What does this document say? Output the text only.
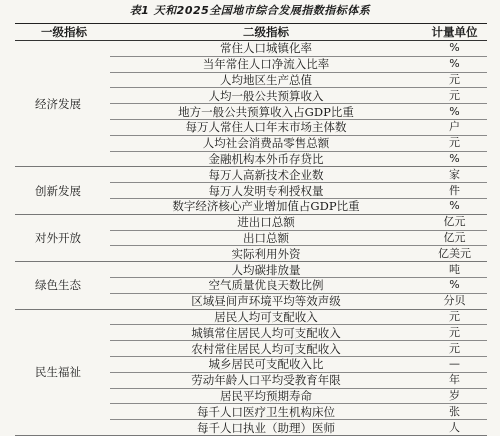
表1 天和2025全国地市综合发展指数指标体系
一级指标	二级指标	计量单位
经济发展	常住人口城镇化率	%
	当年常住人口净流入比率	%
	人均地区生产总值	元
	人均一般公共预算收入	元
	地方一般公共预算收入占GDP比重	%
	每万人常住人口年末市场主体数	户
	人均社会消费品零售总额	元
	金融机构本外币存贷比	%
创新发展	每万人高新技术企业数	家
	每万人发明专利授权量	件
	数字经济核心产业增加值占GDP比重	%
对外开放	进出口总额	亿元
	出口总额	亿元
	实际利用外资	亿美元
绿色生态	人均碳排放量	吨
	空气质量优良天数比例	%
	区域昼间声环境平均等效声级	分贝
民生福祉	居民人均可支配收入	元
	城镇常住居民人均可支配收入	元
	农村常住居民人均可支配收入	元
	城乡居民可支配收入比	—
	劳动年龄人口平均受教育年限	年
	居民平均预期寿命	岁
	每千人口医疗卫生机构床位	张
	每千人口执业（助理）医师	人
